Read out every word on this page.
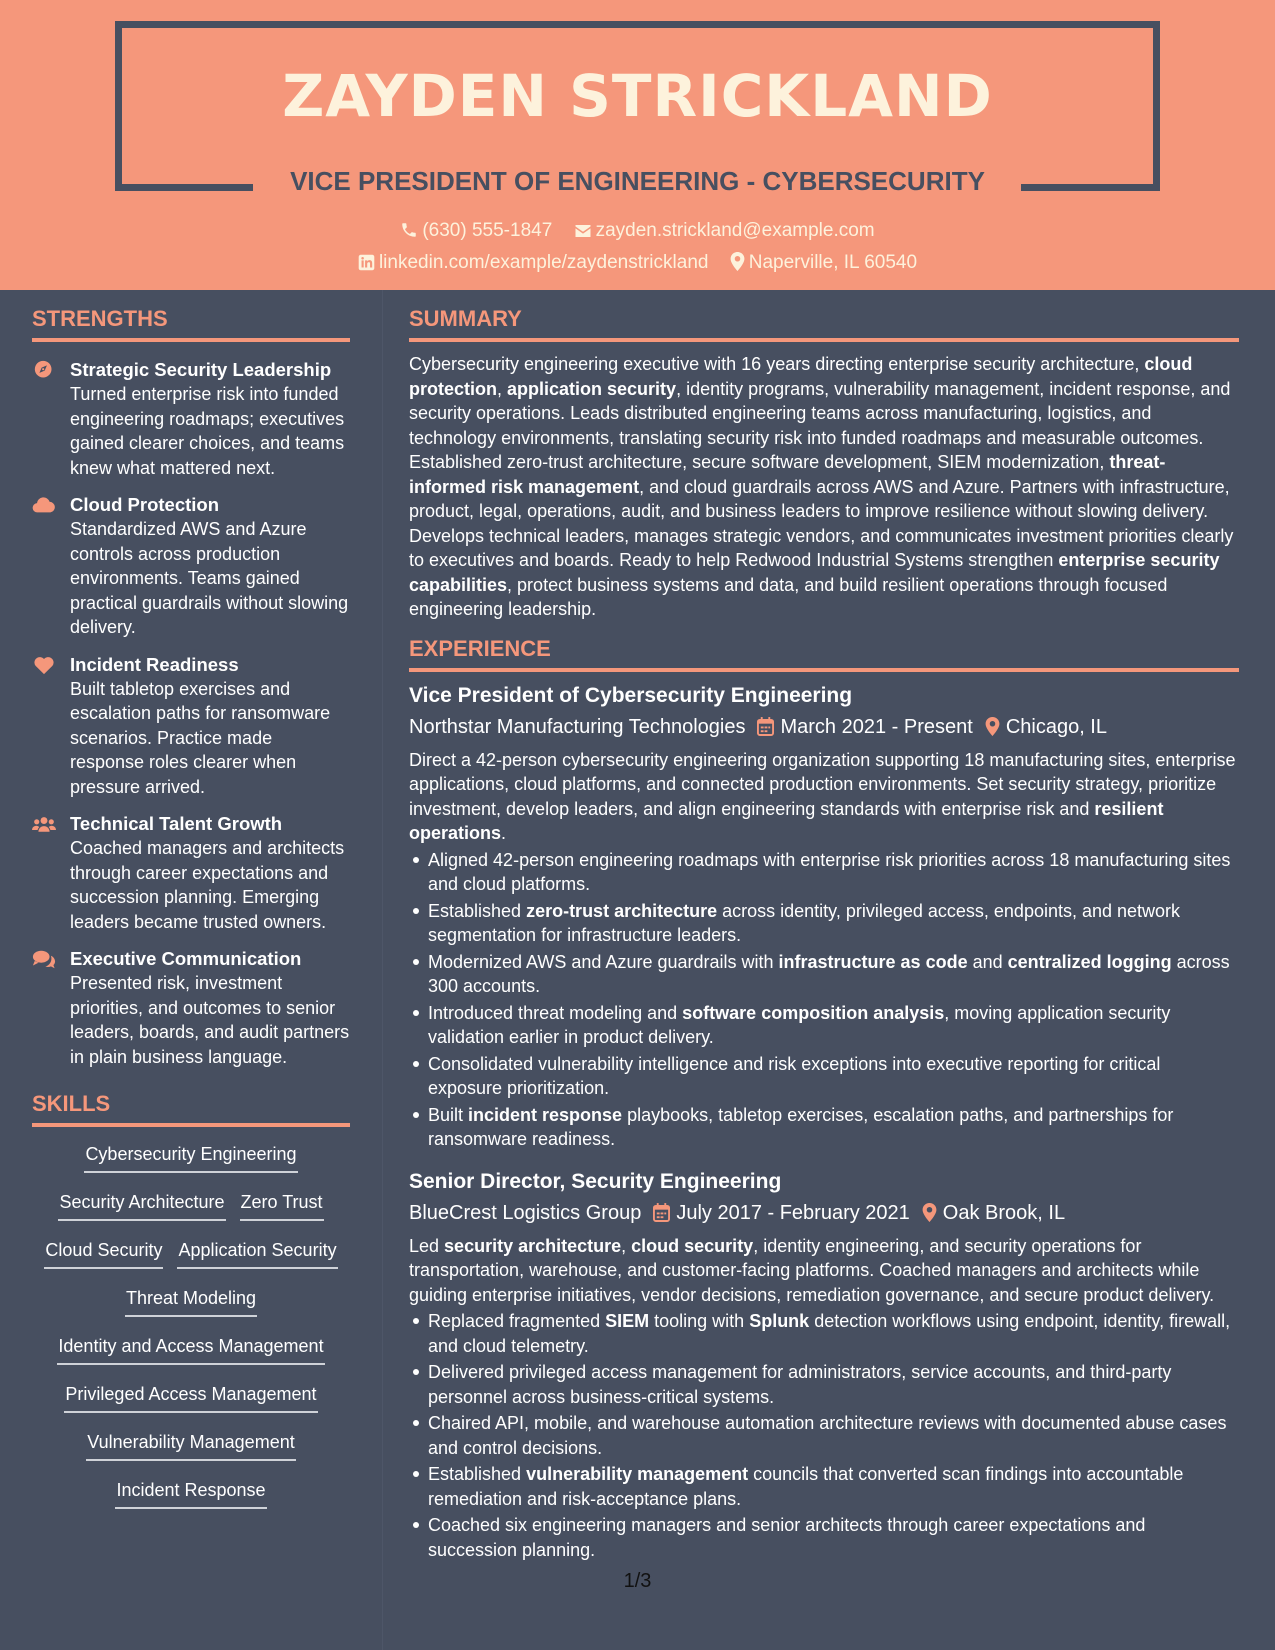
ZAYDEN STRICKLAND
VICE PRESIDENT OF ENGINEERING - CYBERSECURITY
(630) 555-1847 zayden.strickland@example.com
linkedin.com/example/zaydenstrickland Naperville, IL 60540
STRENGTHS
Strategic Security Leadership
Turned enterprise risk into funded engineering roadmaps; executives gained clearer choices, and teams knew what mattered next.
Cloud Protection
Standardized AWS and Azure controls across production environments. Teams gained practical guardrails without slowing delivery.
Incident Readiness
Built tabletop exercises and escalation paths for ransomware scenarios. Practice made response roles clearer when pressure arrived.
Technical Talent Growth
Coached managers and architects through career expectations and succession planning. Emerging leaders became trusted owners.
Executive Communication
Presented risk, investment priorities, and outcomes to senior leaders, boards, and audit partners in plain business language.
SKILLS
Cybersecurity Engineering
Security Architecture Zero Trust
Cloud Security Application Security
Threat Modeling
Identity and Access Management
Privileged Access Management
Vulnerability Management
Incident Response
SUMMARY

Cybersecurity engineering executive with 16 years directing enterprise security architecture, cloud protection, application security, identity programs, vulnerability management, incident response, and security operations. Leads distributed engineering teams across manufacturing, logistics, and technology environments, translating security risk into funded roadmaps and measurable outcomes. Established zero-trust architecture, secure software development, SIEM modernization, threat-informed risk management, and cloud guardrails across AWS and Azure. Partners with infrastructure, product, legal, operations, audit, and business leaders to improve resilience without slowing delivery. Develops technical leaders, manages strategic vendors, and communicates investment priorities clearly to executives and boards. Ready to help Redwood Industrial Systems strengthen enterprise security capabilities, protect business systems and data, and build resilient operations through focused engineering leadership.

EXPERIENCE
Vice President of Cybersecurity Engineering
Northstar Manufacturing Technologies March 2021 - Present Chicago, IL
Direct a 42-person cybersecurity engineering organization supporting 18 manufacturing sites, enterprise applications, cloud platforms, and connected production environments. Set security strategy, prioritize investment, develop leaders, and align engineering standards with enterprise risk and resilient operations.
Aligned 42-person engineering roadmaps with enterprise risk priorities across 18 manufacturing sites and cloud platforms.
Established zero-trust architecture across identity, privileged access, endpoints, and network segmentation for infrastructure leaders.
Modernized AWS and Azure guardrails with infrastructure as code and centralized logging across 300 accounts.
Introduced threat modeling and software composition analysis, moving application security validation earlier in product delivery.
Consolidated vulnerability intelligence and risk exceptions into executive reporting for critical exposure prioritization.
Built incident response playbooks, tabletop exercises, escalation paths, and partnerships for ransomware readiness.
Senior Director, Security Engineering
BlueCrest Logistics Group July 2017 - February 2021 Oak Brook, IL
Led security architecture, cloud security, identity engineering, and security operations for transportation, warehouse, and customer-facing platforms. Coached managers and architects while guiding enterprise initiatives, vendor decisions, remediation governance, and secure product delivery.
Replaced fragmented SIEM tooling with Splunk detection workflows using endpoint, identity, firewall, and cloud telemetry.
Delivered privileged access management for administrators, service accounts, and third-party personnel across business-critical systems.
Chaired API, mobile, and warehouse automation architecture reviews with documented abuse cases and control decisions.
Established vulnerability management councils that converted scan findings into accountable remediation and risk-acceptance plans.
Coached six engineering managers and senior architects through career expectations and succession planning.
1/3
